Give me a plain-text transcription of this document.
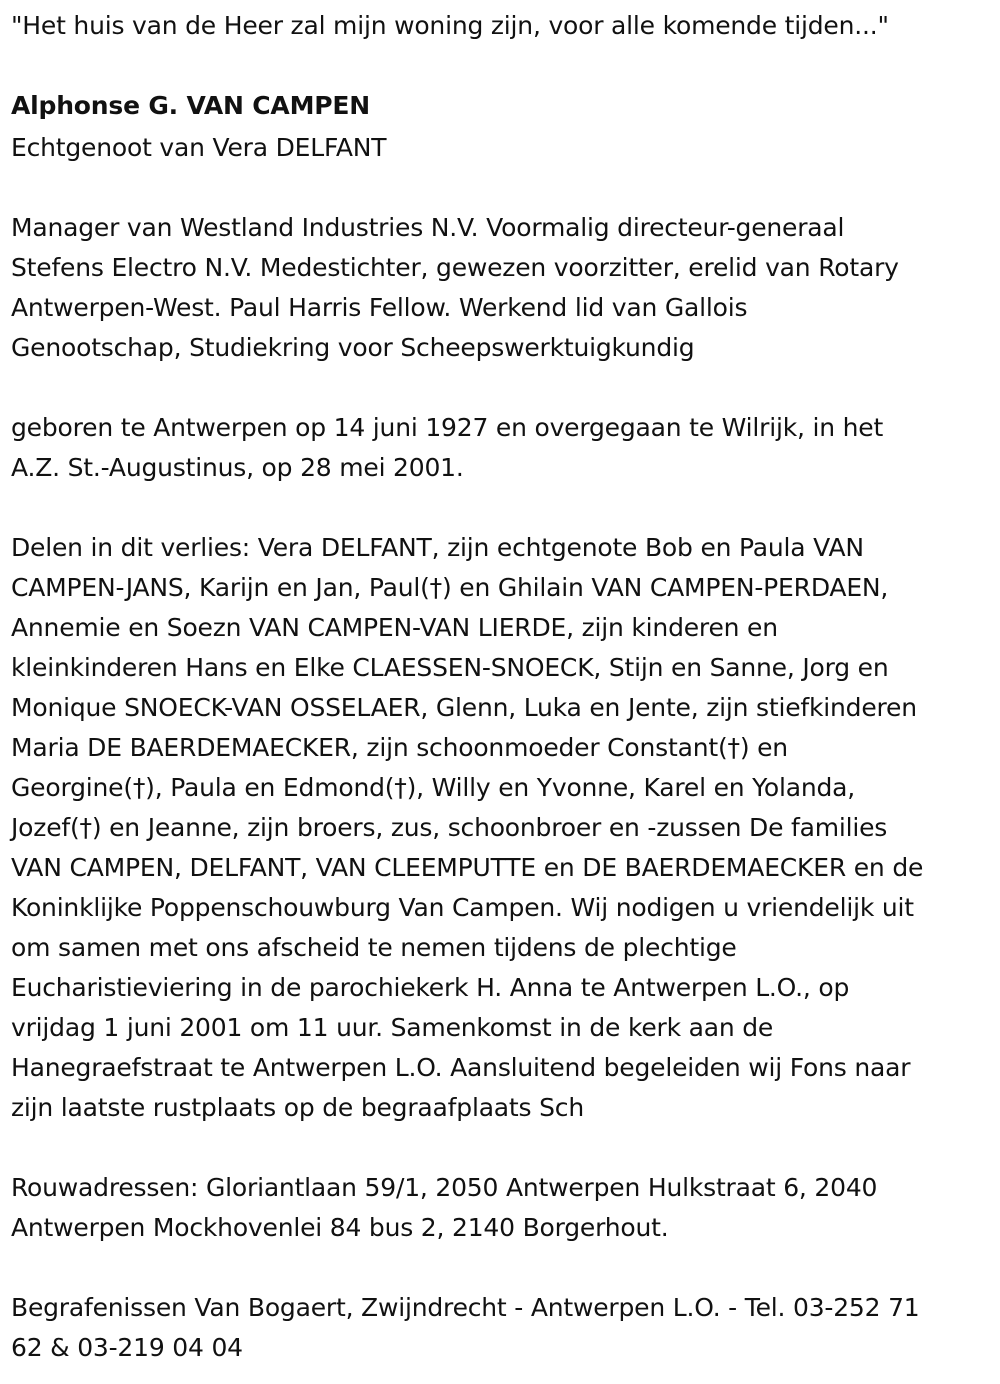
"Het huis van de Heer zal mijn woning zijn, voor alle komende tijden..."
Alphonse G. VAN CAMPEN
Echtgenoot van Vera DELFANT
Manager van Westland Industries N.V. Voormalig directeur-generaal
Stefens Electro N.V. Medestichter, gewezen voorzitter, erelid van Rotary
Antwerpen-West. Paul Harris Fellow. Werkend lid van Gallois
Genootschap, Studiekring voor Scheepswerktuigkundig
geboren te Antwerpen op 14 juni 1927 en overgegaan te Wilrijk, in het
A.Z. St.-Augustinus, op 28 mei 2001.
Delen in dit verlies: Vera DELFANT, zijn echtgenote Bob en Paula VAN
CAMPEN-JANS, Karijn en Jan, Paul(†) en Ghilain VAN CAMPEN-PERDAEN,
Annemie en Soezn VAN CAMPEN-VAN LIERDE, zijn kinderen en
kleinkinderen Hans en Elke CLAESSEN-SNOECK, Stijn en Sanne, Jorg en
Monique SNOECK-VAN OSSELAER, Glenn, Luka en Jente, zijn stiefkinderen
Maria DE BAERDEMAECKER, zijn schoonmoeder Constant(†) en
Georgine(†), Paula en Edmond(†), Willy en Yvonne, Karel en Yolanda,
Jozef(†) en Jeanne, zijn broers, zus, schoonbroer en -zussen De families
VAN CAMPEN, DELFANT, VAN CLEEMPUTTE en DE BAERDEMAECKER en de
Koninklijke Poppenschouwburg Van Campen. Wij nodigen u vriendelijk uit
om samen met ons afscheid te nemen tijdens de plechtige
Eucharistieviering in de parochiekerk H. Anna te Antwerpen L.O., op
vrijdag 1 juni 2001 om 11 uur. Samenkomst in de kerk aan de
Hanegraefstraat te Antwerpen L.O. Aansluitend begeleiden wij Fons naar
zijn laatste rustplaats op de begraafplaats Sch
Rouwadressen: Gloriantlaan 59/1, 2050 Antwerpen Hulkstraat 6, 2040
Antwerpen Mockhovenlei 84 bus 2, 2140 Borgerhout.
Begrafenissen Van Bogaert, Zwijndrecht - Antwerpen L.O. - Tel. 03-252 71
62 & 03-219 04 04
